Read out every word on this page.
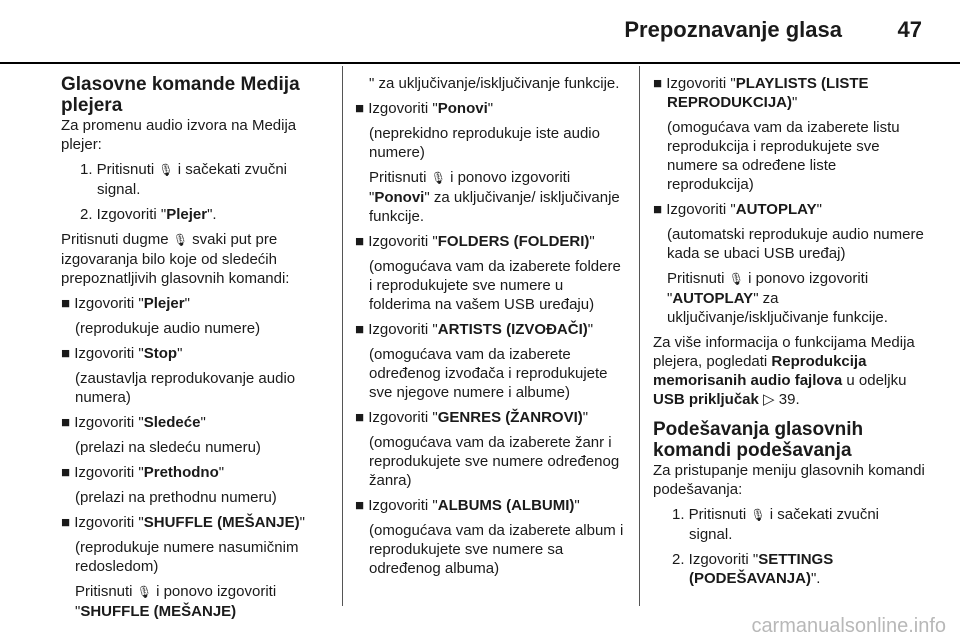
Prepoznavanje glasa	47
Glasovne komande Medija plejera

Za promenu audio izvora na Medija plejer:

1. Pritisnuti 🎙︎ i sačekati zvučni signal.

2. Izgovoriti "Plejer".

Pritisnuti dugme 🎙︎ svaki put pre izgovaranja bilo koje od sledećih prepoznatljivih glasovnih komandi:

■ Izgovoriti "Plejer"

(reprodukuje audio numere)

■ Izgovoriti "Stop"

(zaustavlja reprodukovanje audio numera)

■ Izgovoriti "Sledeće"

(prelazi na sledeću numeru)

■ Izgovoriti "Prethodno"

(prelazi na prethodnu numeru)

■ Izgovoriti "SHUFFLE (MEŠANJE)"

(reprodukuje numere nasumičnim redosledom)

Pritisnuti 🎙︎ i ponovo izgovoriti "SHUFFLE (MEŠANJE)

" za uključivanje/isključivanje funkcije.

■ Izgovoriti "Ponovi"

(neprekidno reprodukuje iste audio numere)

Pritisnuti 🎙︎ i ponovo izgovoriti "Ponovi" za uključivanje/ isključivanje funkcije.

■ Izgovoriti "FOLDERS (FOLDERI)"

(omogućava vam da izaberete foldere i reprodukujete sve numere u folderima na vašem USB uređaju)

■ Izgovoriti "ARTISTS (IZVOĐAČI)"

(omogućava vam da izaberete određenog izvođača i reprodukujete sve njegove numere i albume)

■ Izgovoriti "GENRES (ŽANROVI)"

(omogućava vam da izaberete žanr i reprodukujete sve numere određenog žanra)

■ Izgovoriti "ALBUMS (ALBUMI)"

(omogućava vam da izaberete album i reprodukujete sve numere sa određenog albuma)

■ Izgovoriti "PLAYLISTS (LISTE REPRODUKCIJA)"

(omogućava vam da izaberete listu reprodukcija i reprodukujete sve numere sa određene liste reprodukcija)

■ Izgovoriti "AUTOPLAY"

(automatski reprodukuje audio numere kada se ubaci USB uređaj)

Pritisnuti 🎙︎ i ponovo izgovoriti "AUTOPLAY" za uključivanje/isključivanje funkcije.

Za više informacija o funkcijama Medija plejera, pogledati Reprodukcija memorisanih audio fajlova u odeljku USB priključak ▷ 39.

Podešavanja glasovnih komandi podešavanja

Za pristupanje meniju glasovnih komandi podešavanja:

1. Pritisnuti 🎙︎ i sačekati zvučni signal.

2. Izgovoriti "SETTINGS (PODEŠAVANJA)".

carmanualsonline.info
